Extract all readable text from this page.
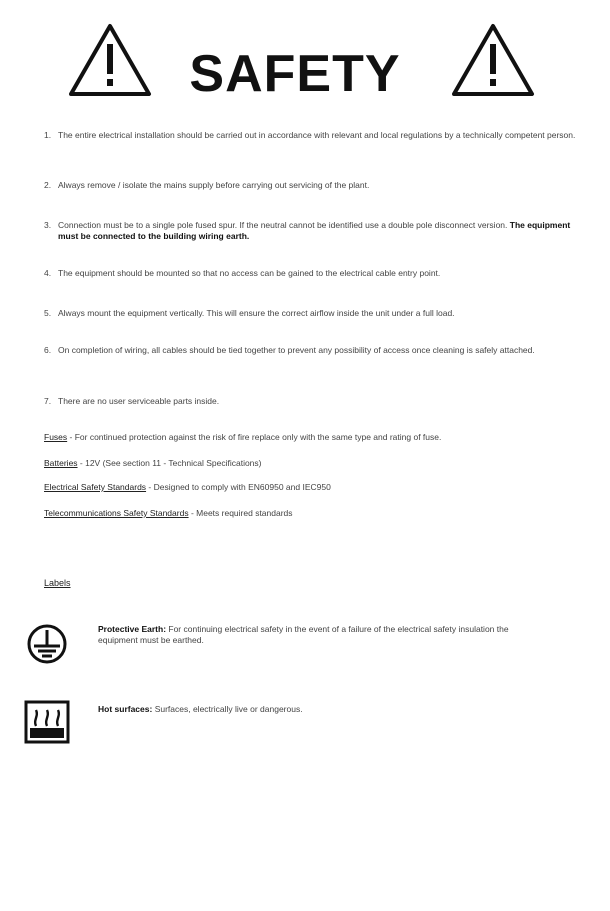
SAFETY
1. The entire electrical installation should be carried out in accordance with relevant and local regulations by a technically competent person.
2. Always remove / isolate the mains supply before carrying out servicing of the plant.
3. Connection must be to a single pole fused spur. If the neutral cannot be identified use a double pole disconnect version. The equipment must be connected to the building wiring earth.
4. The equipment should be mounted so that no access can be gained to the electrical cable entry point.
5. Always mount the equipment vertically. This will ensure the correct airflow inside the unit under a full load.
6. On completion of wiring, all cables should be tied together to prevent any possibility of access once cleaning is safely attached.
7. There are no user serviceable parts inside.
Fuses - For continued protection against the risk of fire replace only with the same type and rating of fuse.
Batteries - 12V (See section 11 - Technical Specifications)
Electrical Safety Standards - Designed to comply with EN60950 and IEC950
Telecommunications Safety Standards - Meets required standards
Labels
Protective Earth: For continuing electrical safety in the event of a failure of the electrical safety insulation the equipment must be earthed.
Hot surfaces: Surfaces, electrically live or dangerous.
